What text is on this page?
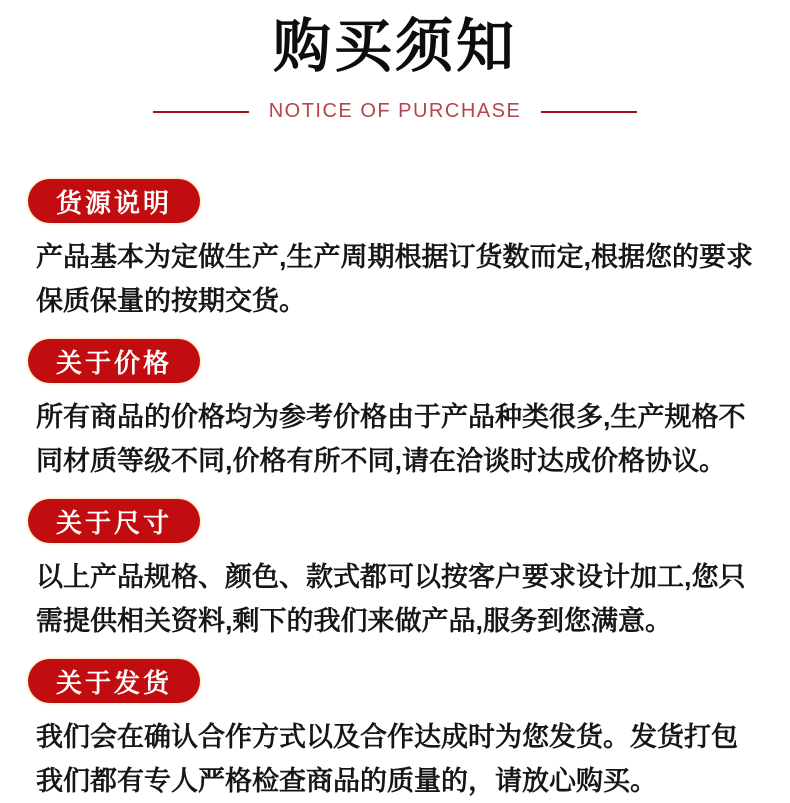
购买须知
NOTICE OF PURCHASE
货源说明
产品基本为定做生产,生产周期根据订货数而定,根据您的要求保质保量的按期交货。
关于价格
所有商品的价格均为参考价格由于产品种类很多,生产规格不同材质等级不同,价格有所不同,请在洽谈时达成价格协议。
关于尺寸
以上产品规格、颜色、款式都可以按客户要求设计加工,您只需提供相关资料,剩下的我们来做产品,服务到您满意。
关于发货
我们会在确认合作方式以及合作达成时为您发货。发货打包我们都有专人严格检查商品的质量的，请放心购买。
